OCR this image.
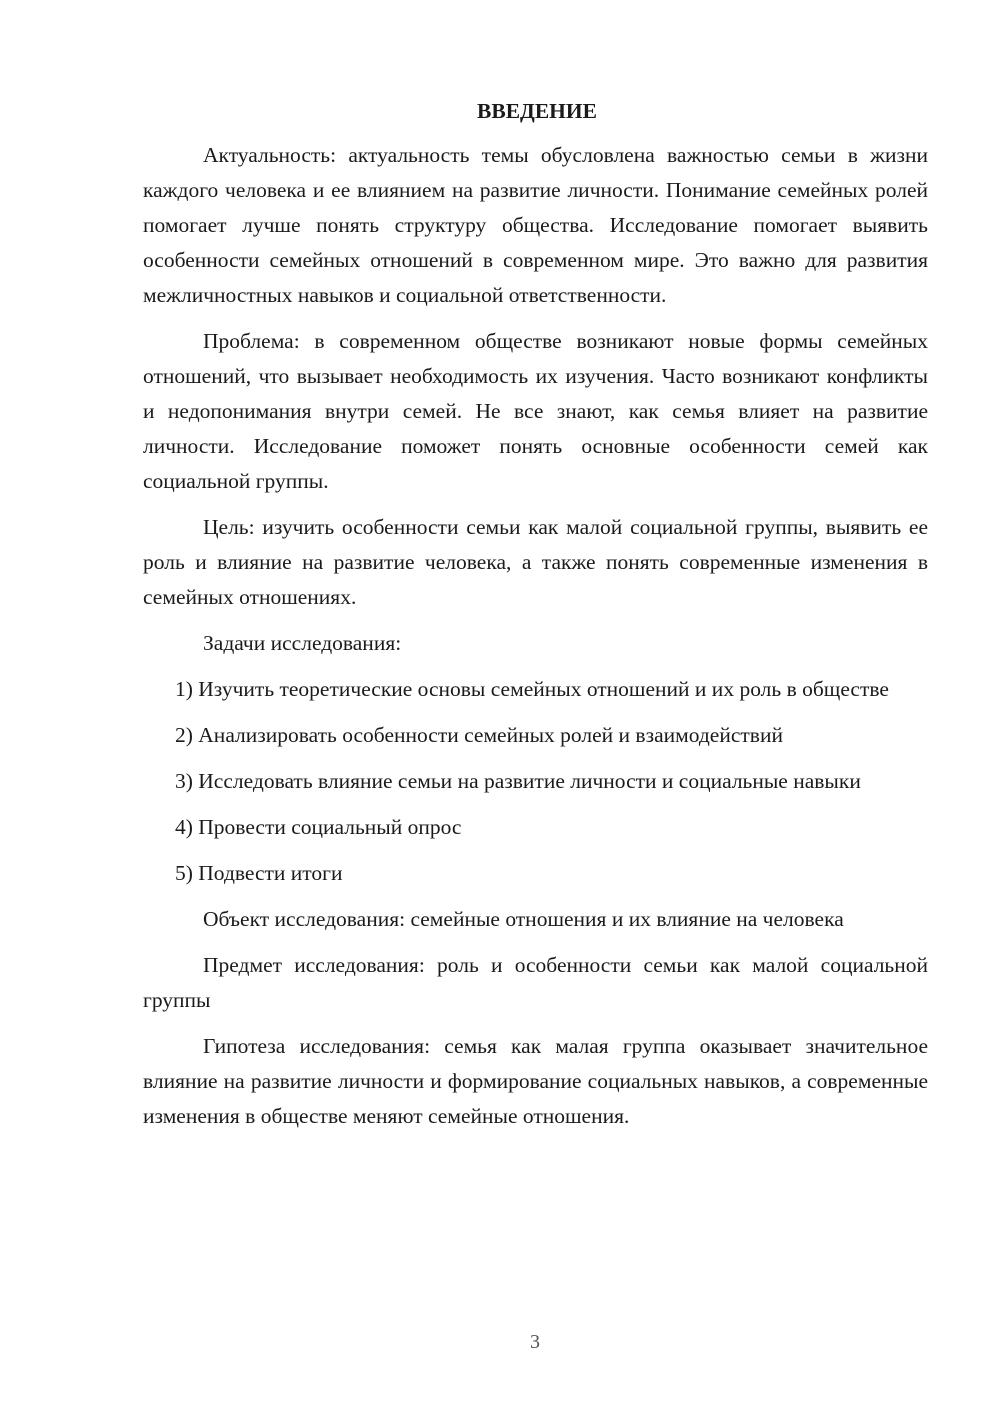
ВВЕДЕНИЕ

Актуальность: актуальность темы обусловлена важностью семьи в жизни каждого человека и ее влиянием на развитие личности. Понимание семейных ролей помогает лучше понять структуру общества. Исследование помогает выявить особенности семейных отношений в современном мире. Это важно для развития межличностных навыков и социальной ответственности.

Проблема: в современном обществе возникают новые формы семейных отношений, что вызывает необходимость их изучения. Часто возникают конфликты и недопонимания внутри семей. Не все знают, как семья влияет на развитие личности. Исследование поможет понять основные особенности семей как социальной группы.

Цель: изучить особенности семьи как малой социальной группы, выявить ее роль и влияние на развитие человека, а также понять современные изменения в семейных отношениях.

Задачи исследования:

1) Изучить теоретические основы семейных отношений и их роль в обществе

2) Анализировать особенности семейных ролей и взаимодействий

3) Исследовать влияние семьи на развитие личности и социальные навыки

4) Провести социальный опрос

5) Подвести итоги

Объект исследования: семейные отношения и их влияние на человека

Предмет исследования: роль и особенности семьи как малой социальной группы

Гипотеза исследования: семья как малая группа оказывает значительное влияние на развитие личности и формирование социальных навыков, а современные изменения в обществе меняют семейные отношения.

3
